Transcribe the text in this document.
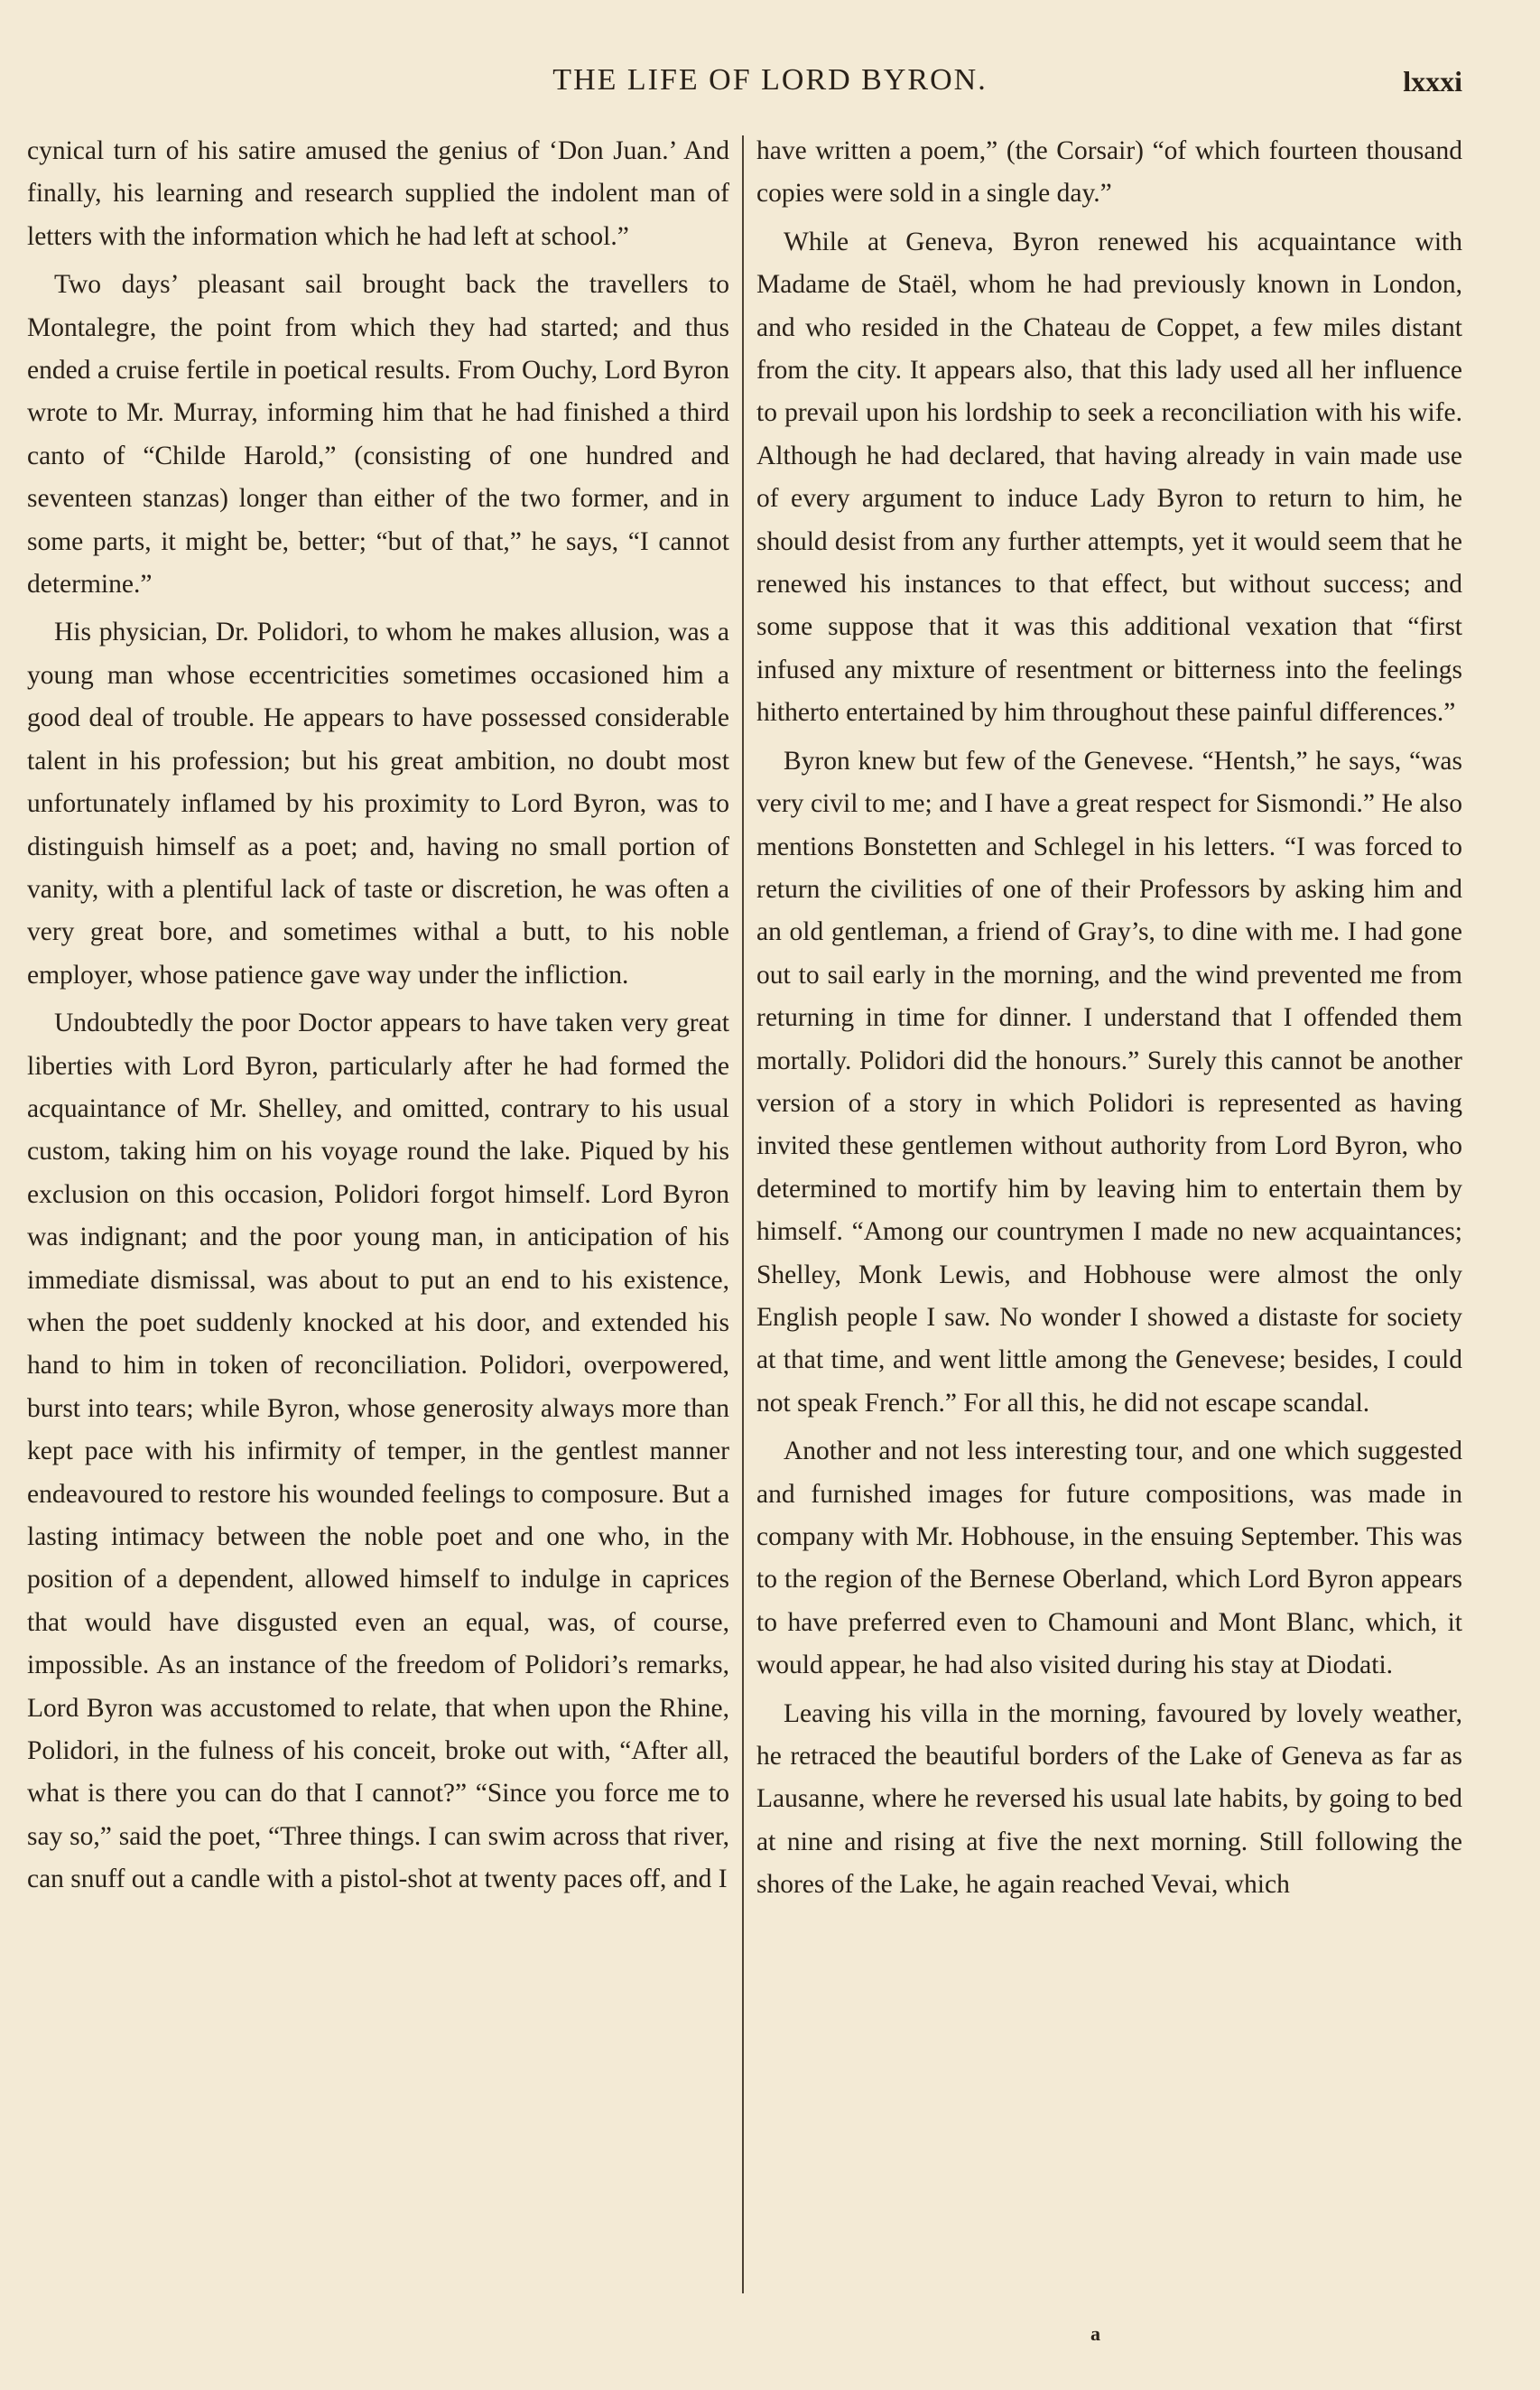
THE LIFE OF LORD BYRON.	lxxxi

cynical turn of his satire amused the genius of ‘Don Juan.’ And finally, his learning and research supplied the indolent man of letters with the information which he had left at school.”

Two days’ pleasant sail brought back the travellers to Montalegre, the point from which they had started; and thus ended a cruise fertile in poetical results. From Ouchy, Lord Byron wrote to Mr. Murray, informing him that he had finished a third canto of “Childe Harold,” (consisting of one hundred and seventeen stanzas) longer than either of the two former, and in some parts, it might be, better; “but of that,” he says, “I cannot determine.”

His physician, Dr. Polidori, to whom he makes allusion, was a young man whose eccentricities sometimes occasioned him a good deal of trouble. He appears to have possessed considerable talent in his profession; but his great ambition, no doubt most unfortunately inflamed by his proximity to Lord Byron, was to distinguish himself as a poet; and, having no small portion of vanity, with a plentiful lack of taste or discretion, he was often a very great bore, and sometimes withal a butt, to his noble employer, whose patience gave way under the infliction.

Undoubtedly the poor Doctor appears to have taken very great liberties with Lord Byron, particularly after he had formed the acquaintance of Mr. Shelley, and omitted, contrary to his usual custom, taking him on his voyage round the lake. Piqued by his exclusion on this occasion, Polidori forgot himself. Lord Byron was indignant; and the poor young man, in anticipation of his immediate dismissal, was about to put an end to his existence, when the poet suddenly knocked at his door, and extended his hand to him in token of reconciliation. Polidori, overpowered, burst into tears; while Byron, whose generosity always more than kept pace with his infirmity of temper, in the gentlest manner endeavoured to restore his wounded feelings to composure. But a lasting intimacy between the noble poet and one who, in the position of a dependent, allowed himself to indulge in caprices that would have disgusted even an equal, was, of course, impossible. As an instance of the freedom of Polidori’s remarks, Lord Byron was accustomed to relate, that when upon the Rhine, Polidori, in the fulness of his conceit, broke out with, “After all, what is there you can do that I cannot?” “Since you force me to say so,” said the poet, “Three things. I can swim across that river, can snuff out a candle with a pistol-shot at twenty paces off, and I

have written a poem,” (the Corsair) “of which fourteen thousand copies were sold in a single day.”

While at Geneva, Byron renewed his acquaintance with Madame de Staël, whom he had previously known in London, and who resided in the Chateau de Coppet, a few miles distant from the city. It appears also, that this lady used all her influence to prevail upon his lordship to seek a reconciliation with his wife. Although he had declared, that having already in vain made use of every argument to induce Lady Byron to return to him, he should desist from any further attempts, yet it would seem that he renewed his instances to that effect, but without success; and some suppose that it was this additional vexation that “first infused any mixture of resentment or bitterness into the feelings hitherto entertained by him throughout these painful differences.”

Byron knew but few of the Genevese. “Hentsh,” he says, “was very civil to me; and I have a great respect for Sismondi.” He also mentions Bonstetten and Schlegel in his letters. “I was forced to return the civilities of one of their Professors by asking him and an old gentleman, a friend of Gray’s, to dine with me. I had gone out to sail early in the morning, and the wind prevented me from returning in time for dinner. I understand that I offended them mortally. Polidori did the honours.” Surely this cannot be another version of a story in which Polidori is represented as having invited these gentlemen without authority from Lord Byron, who determined to mortify him by leaving him to entertain them by himself. “Among our countrymen I made no new acquaintances; Shelley, Monk Lewis, and Hobhouse were almost the only English people I saw. No wonder I showed a distaste for society at that time, and went little among the Genevese; besides, I could not speak French.” For all this, he did not escape scandal.

Another and not less interesting tour, and one which suggested and furnished images for future compositions, was made in company with Mr. Hobhouse, in the ensuing September. This was to the region of the Bernese Oberland, which Lord Byron appears to have preferred even to Chamouni and Mont Blanc, which, it would appear, he had also visited during his stay at Diodati.

Leaving his villa in the morning, favoured by lovely weather, he retraced the beautiful borders of the Lake of Geneva as far as Lausanne, where he reversed his usual late habits, by going to bed at nine and rising at five the next morning. Still following the shores of the Lake, he again reached Vevai, which

a
